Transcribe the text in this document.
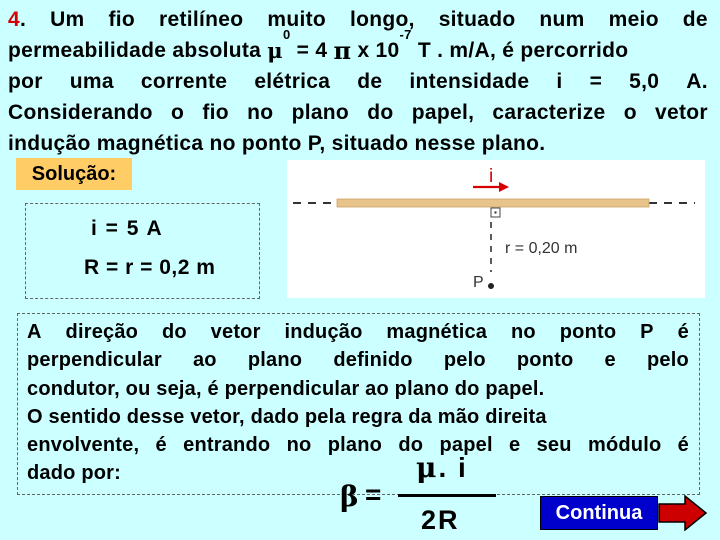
4. Um fio retilíneo muito longo, situado num meio de
permeabilidade absoluta μ
0
= 4 π x 10
-7
T . m/A, é percorrido
por uma corrente elétrica de intensidade i = 5,0 A.
Considerando o fio no plano do papel, caracterize o vetor
indução magnética no ponto P, situado nesse plano.
Solução:
i = 5 A
R = r = 0,2 m
i
r = 0,20 m
P
A direção do vetor indução magnética no ponto P é
perpendicular ao plano definido pelo ponto e pelo
condutor, ou seja, é perpendicular ao plano do papel.
O sentido desse vetor, dado pela regra da mão direita
envolvente, é entrando no plano do papel e seu módulo é
dado por:
β =
μ. i
2R	Continua
